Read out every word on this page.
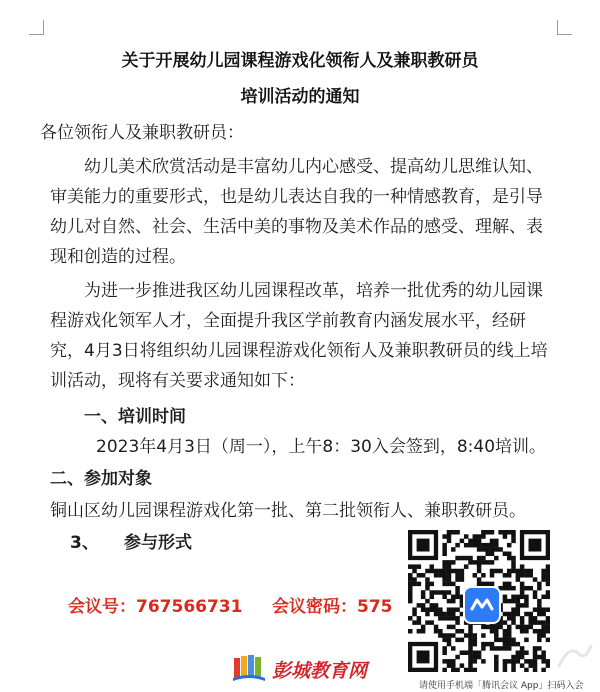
关于开展幼儿园课程游戏化领衔人及兼职教研员
培训活动的通知
各位领衔人及兼职教研员：
幼儿美术欣赏活动是丰富幼儿内心感受、提高幼儿思维认知、
审美能力的重要形式，也是幼儿表达自我的一种情感教育，是引导
幼儿对自然、社会、生活中美的事物及美术作品的感受、理解、表
现和创造的过程。
为进一步推进我区幼儿园课程改革，培养一批优秀的幼儿园课
程游戏化领军人才，全面提升我区学前教育内涵发展水平，经研
究，4月3日将组织幼儿园课程游戏化领衔人及兼职教研员的线上培
训活动，现将有关要求通知如下：
一、培训时间
2023年4月3日（周一），上午8：30入会签到，8:40培训。
二、参加对象
铜山区幼儿园课程游戏化第一批、第二批领衔人、兼职教研员。
3、 参与形式
会议号：767566731 会议密码：575
请使用手机端「腾讯会议 App」扫码入会
彭城教育网
